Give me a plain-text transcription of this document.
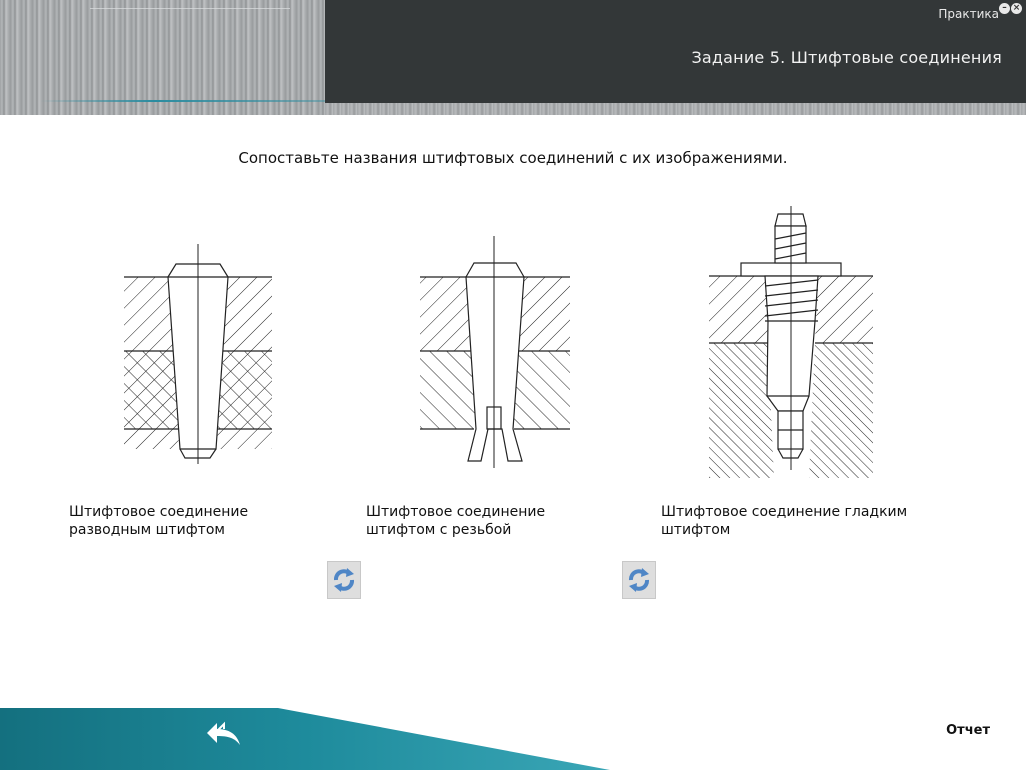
Практика – ×
Задание 5. Штифтовые соединения
Сопоставьте названия штифтовых соединений с их изображениями.
Штифтовое соединение разводным штифтом
Штифтовое соединение штифтом с резьбой
Штифтовое соединение гладким штифтом
Отчет
